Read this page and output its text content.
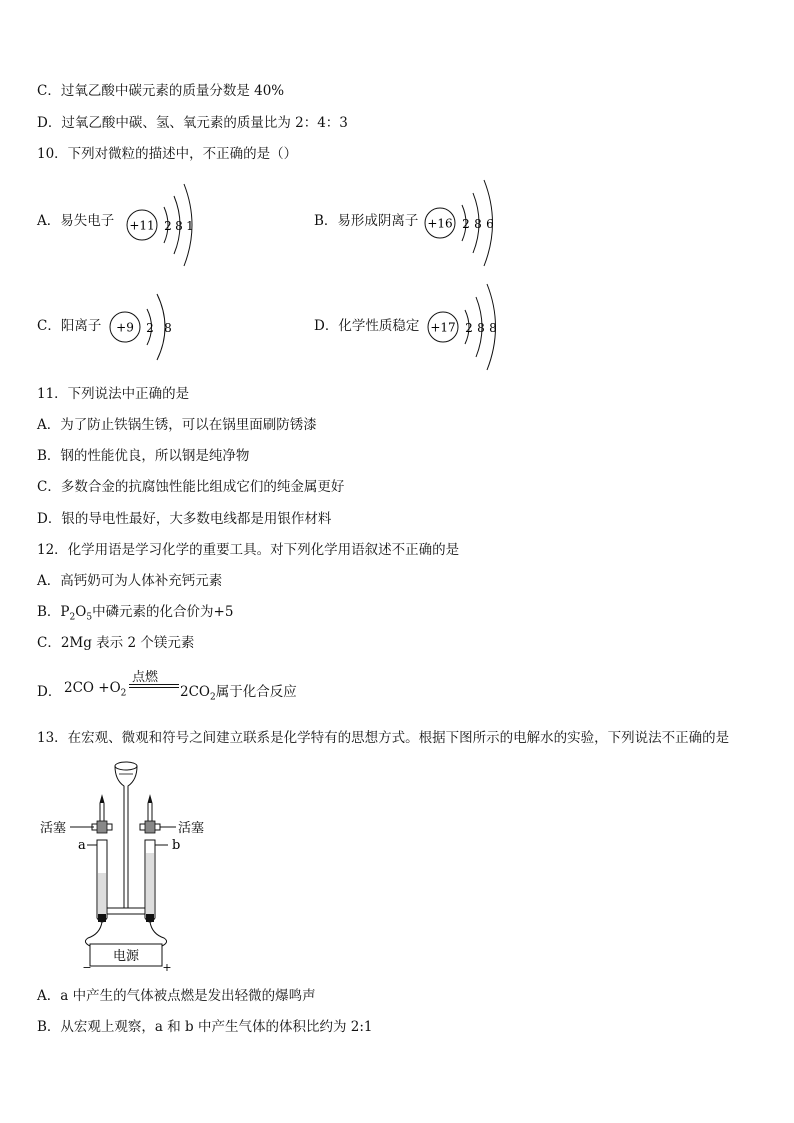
C．过氧乙酸中碳元素的质量分数是 40%
D．过氧乙酸中碳、氢、氧元素的质量比为 2：4：3
10．下列对微粒的描述中，不正确的是（）
A．易失电子 +11 2 8 1	B．易形成阴离子 +16 2 8 6
C．阳离子 +9 2 8	D．化学性质稳定 +17 2 8 8
11．下列说法中正确的是
A．为了防止铁锅生锈，可以在锅里面刷防锈漆
B．钢的性能优良，所以钢是纯净物
C．多数合金的抗腐蚀性能比组成它们的纯金属更好
D．银的导电性最好，大多数电线都是用银作材料
12．化学用语是学习化学的重要工具。对下列化学用语叙述不正确的是
A．高钙奶可为人体补充钙元素
B．$P_2O_5$中磷元素的化合价为+5
C．2Mg 表示 2 个镁元素
D． $2CO +O_2$
点燃
$2CO_2$属于化合反应
13．在宏观、微观和符号之间建立联系是化学特有的思想方式。根据下图所示的电解水的实验，下列说法不正确的是
电源
−	+
活塞	活塞
a	b
A．a 中产生的气体被点燃是发出轻微的爆鸣声
B．从宏观上观察，a 和 b 中产生气体的体积比约为 2:1
